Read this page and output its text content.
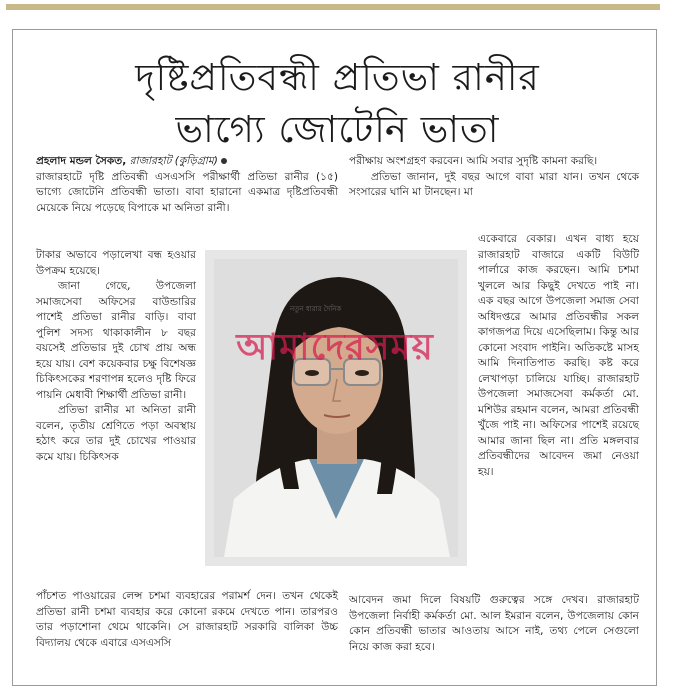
দৃষ্টিপ্রতিবন্ধী প্রতিভা রানীর
ভাগ্যে জোটেনি ভাতা

প্রহলাদ মন্ডল সৈকত, রাজারহাট (কুড়িগ্রাম)

রাজারহাটে দৃষ্টি প্রতিবন্ধী এসএসসি পরীক্ষার্থী প্রতিভা রানীর (১৫) ভাগ্যে জোটেনি প্রতিবন্ধী ভাতা। বাবা হারানো একমাত্র দৃষ্টিপ্রতিবন্ধী মেয়েকে নিয়ে পড়েছে বিপাকে মা অনিতা রানী।

টাকার অভাবে পড়ালেখা বন্ধ হওয়ার উপক্রম হয়েছে।

জানা গেছে, উপজেলা সমাজসেবা অফিসের বাউন্ডারির পাশেই প্রতিভা রানীর বাড়ি। বাবা পুলিশ সদস্য থাকাকালীন ৮ বছর বয়সেই প্রতিভার দুই চোখ প্রায় অন্ধ হয়ে যায়। বেশ কয়েকবার চক্ষু বিশেষজ্ঞ চিকিৎসকের শরণাপন্ন হলেও দৃষ্টি ফিরে পায়নি মেধাবী শিক্ষার্থী প্রতিভা রানী।

প্রতিভা রানীর মা অনিতা রানী বলেন, তৃতীয় শ্রেণিতে পড়া অবস্থায় হঠাৎ করে তার দুই চোখের পাওয়ার কমে যায়। চিকিৎসক

পাঁচশত পাওয়ারের লেন্স চশমা ব্যবহারের পরামর্শ দেন। তখন থেকেই প্রতিভা রানী চশমা ব্যবহার করে কোনো রকমে দেখতে পান। তারপরও তার পড়াশোনা থেমে থাকেনি। সে রাজারহাট সরকারি বালিকা উচ্চ বিদ্যালয় থেকে এবারে এসএসসি

পরীক্ষায় অংশগ্রহণ করবেন। আমি সবার সুদৃষ্টি কামনা করছি।

প্রতিভা জানান, দুই বছর আগে বাবা মারা যান। তখন থেকে সংসারের ঘানি মা টানছেন। মা

একেবারে বেকার। এখন বাধ্য হয়ে রাজারহাট বাজারে একটি বিউটি পার্লারে কাজ করছেন। আমি চশমা খুললে আর কিছুই দেখতে পাই না। এক বছর আগে উপজেলা সমাজ সেবা অধিদপ্তরে আমার প্রতিবন্ধীর সকল কাগজপত্র দিয়ে এসেছিলাম। কিন্তু আর কোনো সংবাদ পাইনি। অতিকষ্টে মাসহ আমি দিনাতিপাত করছি। কষ্ট করে লেখাপড়া চালিয়ে যাচ্ছি। রাজারহাট উপজেলা সমাজসেবা কর্মকর্তা মো. মশিউর রহমান বলেন, আমরা প্রতিবন্ধী খুঁজে পাই না। অফিসের পাশেই রয়েছে আমার জানা ছিল না। প্রতি মঙ্গলবার প্রতিবন্ধীদের আবেদন জমা নেওয়া হয়।

আবেদন জমা দিলে বিষয়টি গুরুত্বের সঙ্গে দেখব। রাজারহাট উপজেলা নির্বাহী কর্মকর্তা মো. আল ইমরান বলেন, উপজেলায় কোন কোন প্রতিবন্ধী ভাতার আওতায় আসে নাই, তথ্য পেলে সেগুলো নিয়ে কাজ করা হবে।

নতুন ধারার দৈনিক
আমাদেরসময়
